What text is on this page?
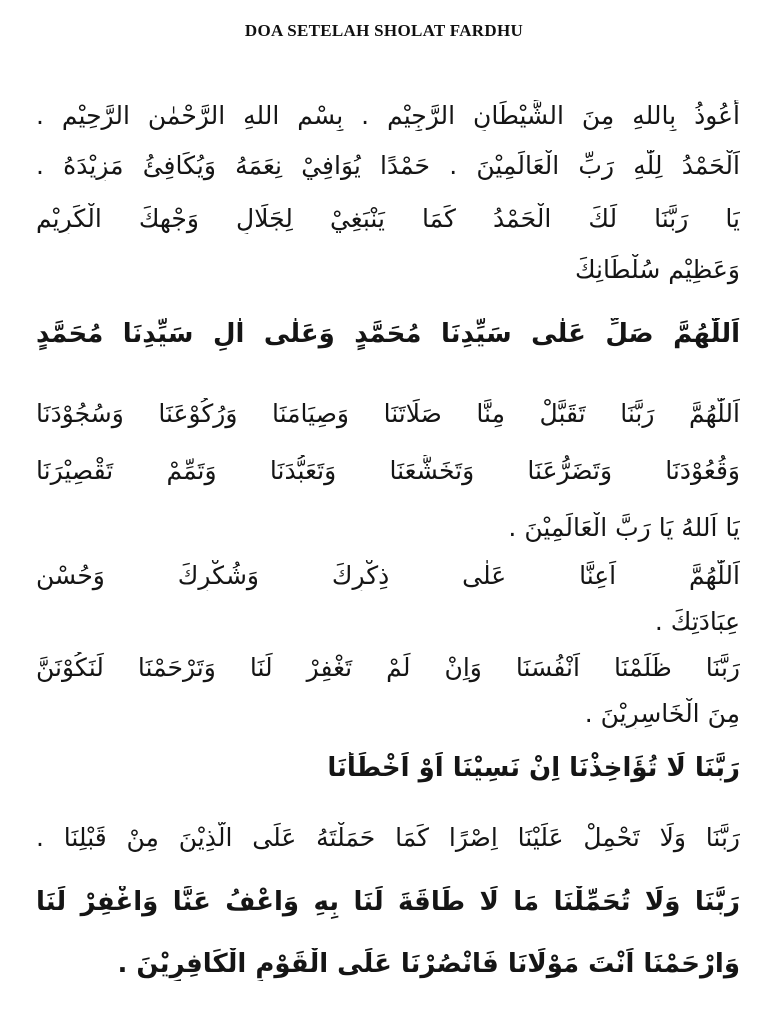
DOA SETELAH SHOLAT FARDHU
أَعُوذُ بِاللهِ مِنَ الشَّيْطَانِ الرَّجِيْمِ . بِسْمِ اللهِ الرَّحْمٰنِ الرَّحِيْمِ .
اَلْحَمْدُ لِلّٰهِ رَبِّ الْعَالَمِيْنَ . حَمْدًا يُوَافِيْ نِعَمَهُ وَيُكَافِئُ مَزِيْدَهُ .
يَا رَبَّنَا لَكَ الْحَمْدُ كَمَا يَنْبَغِيْ لِجَلَالِ وَجْهِكَ الْكَرِيْمِ
وَعَظِيْمِ سُلْطَانِكَ
اَللّٰهُمَّ صَلِّ عَلٰى سَيِّدِنَا مُحَمَّدٍ وَعَلٰى اٰلِ سَيِّدِنَا مُحَمَّدٍ
اَللّٰهُمَّ رَبَّنَا تَقَبَّلْ مِنَّا صَلَاتَنَا وَصِيَامَنَا وَرُكُوْعَنَا وَسُجُوْدَنَا
وَقُعُوْدَنَا وَتَضَرُّعَنَا وَتَخَشُّعَنَا وَتَعَبُّدَنَا وَتَمِّمْ تَقْصِيْرَنَا
يَا اَللهُ يَا رَبَّ الْعَالَمِيْنَ .
اَللّٰهُمَّ اَعِنَّا عَلٰى ذِكْرِكَ وَشُكْرِكَ وَحُسْنِ
عِبَادَتِكَ .
رَبَّنَا ظَلَمْنَا اَنْفُسَنَا وَاِنْ لَمْ تَغْفِرْ لَنَا وَتَرْحَمْنَا لَنَكُوْنَنَّ
مِنَ الْخَاسِرِيْنَ .
رَبَّنَا لَا تُؤَاخِذْنَا اِنْ نَسِيْنَا اَوْ اَخْطَأْنَا
رَبَّنَا وَلَا تَحْمِلْ عَلَيْنَا اِصْرًا كَمَا حَمَلْتَهُ عَلَى الَّذِيْنَ مِنْ قَبْلِنَا .
رَبَّنَا وَلَا تُحَمِّلْنَا مَا لَا طَاقَةَ لَنَا بِهِ وَاعْفُ عَنَّا وَاغْفِرْ لَنَا
وَارْحَمْنَا اَنْتَ مَوْلَانَا فَانْصُرْنَا عَلَى الْقَوْمِ الْكَافِرِيْنَ .
